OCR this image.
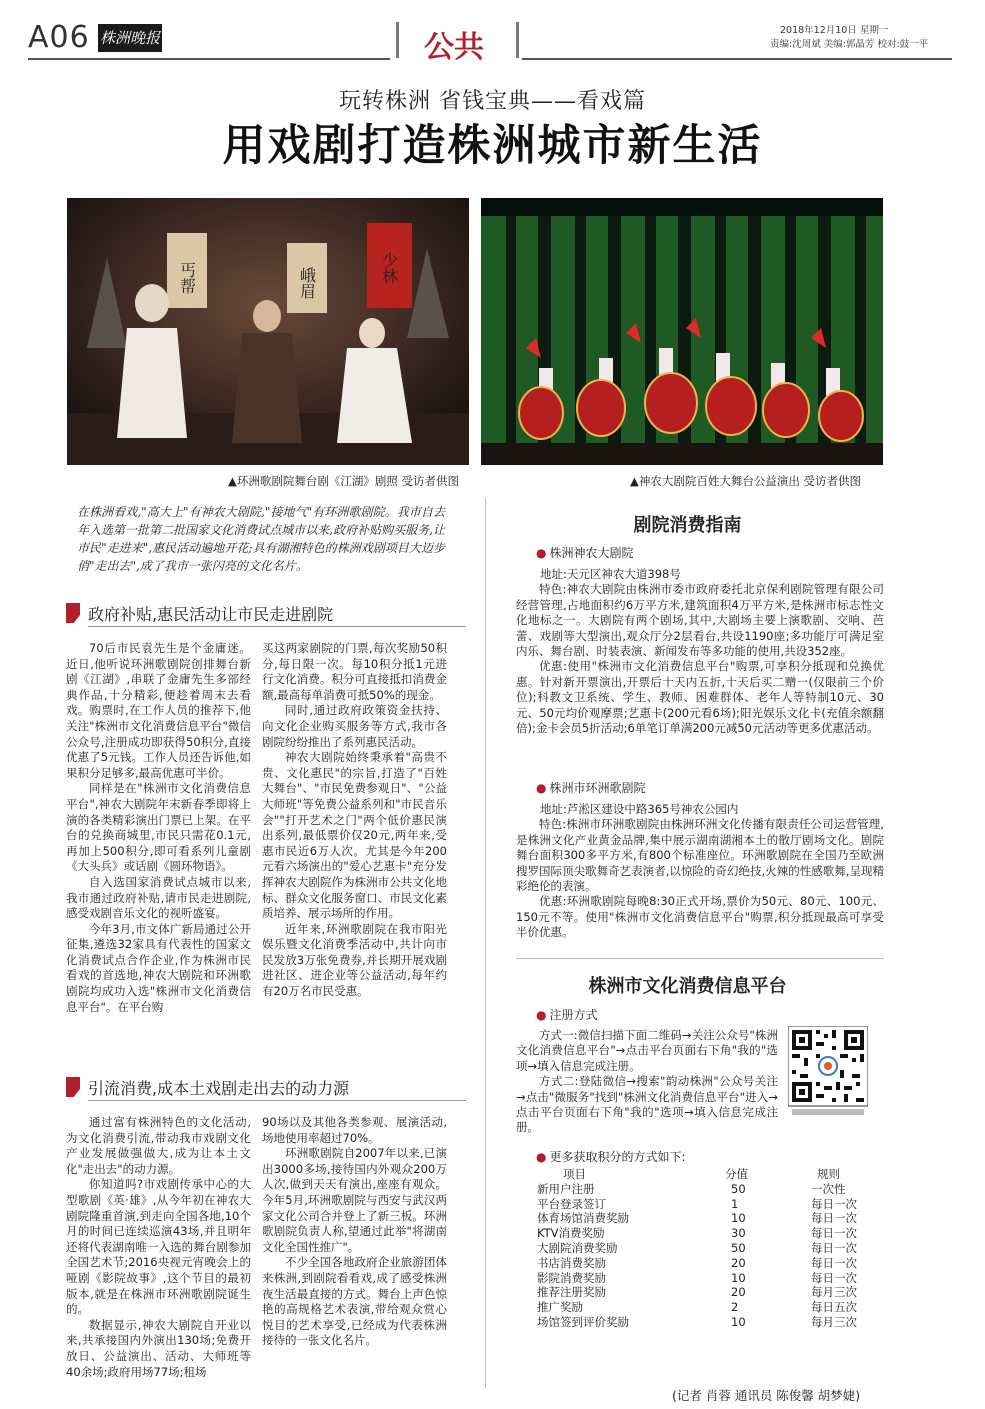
A06 株洲晚报	公共	2018年12月10日 星期一
责编:沈周斌 美编:郭晶芳 校对:鼓一平
玩转株洲 省钱宝典——看戏篇
用戏剧打造株洲城市新生活
丐帮	峨眉	少林
▲环洲歌剧院舞台剧《江湖》剧照 受访者供图	▲神农大剧院百姓大舞台公益演出 受访者供图
在株洲看戏,"高大上"有神农大剧院,"接地气"有环洲歌剧院。我市自去年入选第一批第二批国家文化消费试点城市以来,政府补贴购买服务,让市民"走进来",惠民活动遍地开花;具有湖湘特色的株洲戏剧项目大迈步俏"走出去",成了我市一张闪亮的文化名片。
政府补贴,惠民活动让市民走进剧院

70后市民袁先生是个金庸迷。近日,他听说环洲歌剧院创排舞台新剧《江湖》,串联了金庸先生多部经典作品,十分精彩,便趁着周末去看戏。购票时,在工作人员的推荐下,他关注"株洲市文化消费信息平台"微信公众号,注册成功即获得50积分,直接优惠了5元钱。工作人员还告诉他,如果积分足够多,最高优惠可半价。

同样是在"株洲市文化消费信息平台",神农大剧院年末新春季即将上演的各类精彩演出门票已上架。在平台的兑换商城里,市民只需花0.1元,再加上500积分,即可看系列儿童剧《大头兵》或话剧《圆环物语》。

自入选国家消费试点城市以来,我市通过政府补贴,请市民走进剧院,感受戏剧音乐文化的视听盛宴。

今年3月,市文体广新局通过公开征集,遴选32家具有代表性的国家文化消费试点合作企业,作为株洲市民看戏的首选地,神农大剧院和环洲歌剧院均成功入选"株洲市文化消费信息平台"。在平台购

买这两家剧院的门票,每次奖励50积分,每日限一次。每10积分抵1元进行文化消费。积分可直接抵扣消费金额,最高每单消费可抵50%的现金。

同时,通过政府政策资金扶持、向文化企业购买服务等方式,我市各剧院纷纷推出了系列惠民活动。

神农大剧院始终秉承着"高贵不贵、文化惠民"的宗旨,打造了"百姓大舞台"、"市民免费参观日"、"公益大师班"等免费公益系列和"市民音乐会""打开艺术之门"两个低价惠民演出系列,最低票价仅20元,两年来,受惠市民近6万人次。尤其是今年200元看六场演出的"爱心艺惠卡"充分发挥神农大剧院作为株洲市公共文化地标、群众文化服务窗口、市民文化素质培养、展示场所的作用。

近年来,环洲歌剧院在我市阳光娱乐暨文化消费季活动中,共计向市民发放3万张免费券,并长期开展戏剧进社区、进企业等公益活动,每年约有20万名市民受惠。

引流消费,成本土戏剧走出去的动力源

通过富有株洲特色的文化活动,为文化消费引流,带动我市戏剧文化产业发展做强做大,成为让本土文化"走出去"的动力源。

你知道吗?市戏剧传承中心的大型歌剧《英·雄》,从今年初在神农大剧院隆重首演,到走向全国各地,10个月的时间已连续巡演43场,并且明年还将代表湖南唯一入选的舞台剧参加全国艺术节;2016央视元宵晚会上的哑剧《影院故事》,这个节目的最初版本,就是在株洲市环洲歌剧院诞生的。

数据显示,神农大剧院自开业以来,共承接国内外演出130场;免费开放日、公益演出、活动、大师班等40余场;政府用场77场;租场

90场以及其他各类参观、展演活动,场地使用率超过70%。

环洲歌剧院自2007年以来,已演出3000多场,接待国内外观众200万人次,做到天天有演出,座座有观众。今年5月,环洲歌剧院与西安与武汉两家文化公司合并登上了新三板。环洲歌剧院负责人称,望通过此举"将湖南文化全国性推广"。

不少全国各地政府企业旅游团体来株洲,到剧院看看戏,成了感受株洲夜生活最直接的方式。舞台上声色惊艳的高规格艺术表演,带给观众赏心悦目的艺术享受,已经成为代表株洲接待的一张文化名片。

剧院消费指南
● 株洲神农大剧院

地址:天元区神农大道398号

特色:神农大剧院由株洲市委市政府委托北京保利剧院管理有限公司经营管理,占地面积约6万平方米,建筑面积4万平方米,是株洲市标志性文化地标之一。大剧院有两个剧场,其中,大剧场主要上演歌剧、交响、芭蕾、戏剧等大型演出,观众厅分2层看台,共设1190座;多功能厅可满足室内乐、舞台剧、时装表演、新闻发布等多功能的使用,共设352座。

优惠:使用"株洲市文化消费信息平台"购票,可享积分抵现和兑换优惠。针对新开票演出,开票后十天内五折,十天后买二赠一(仅限前三个价位);科教文卫系统、学生、教师、困难群体、老年人等特制10元、30元、50元均价观摩票;艺惠卡(200元看6场);阳光娱乐文化卡(充值余额翻倍);金卡会员5折活动;6单笔订单满200元减50元活动等更多优惠活动。

● 株洲市环洲歌剧院

地址:芦淞区建设中路365号神农公园内

特色:株洲市环洲歌剧院由株洲环洲文化传播有限责任公司运营管理,是株洲文化产业黄金品牌,集中展示湖南湖湘本土的散厅剧场文化。剧院舞台面积300多平方米,有800个标准座位。环洲歌剧院在全国乃至欧洲搜罗国际顶尖歌舞奇艺表演者,以惊险的奇幻绝技,火辣的性感歌舞,呈现精彩绝伦的表演。

优惠:环洲歌剧院每晚8:30正式开场,票价为50元、80元、100元、150元不等。使用"株洲市文化消费信息平台"购票,积分抵现最高可享受半价优惠。

株洲市文化消费信息平台
● 注册方式

方式一:微信扫描下面二维码→关注公众号"株洲文化消费信息平台"→点击平台页面右下角"我的"选项→填入信息完成注册。

方式二:登陆微信→搜索"韵动株洲"公众号关注→点击"微服务"找到"株洲文化消费信息平台"进入→点击平台页面右下角"我的"选项→填入信息完成注册。

● 更多获取积分的方式如下:
项目	分值	规则
新用户注册	50	一次性
平台登录签订	1	每日一次
体育场馆消费奖励	10	每日一次
KTV消费奖励	30	每日一次
大剧院消费奖励	50	每日一次
书店消费奖励	20	每日一次
影院消费奖励	10	每日一次
推荐注册奖励	20	每月三次
推广奖励	2	每日五次
场馆签到评价奖励	10	每月三次
(记者 肖蓉 通讯员 陈俊馨 胡梦婕)
